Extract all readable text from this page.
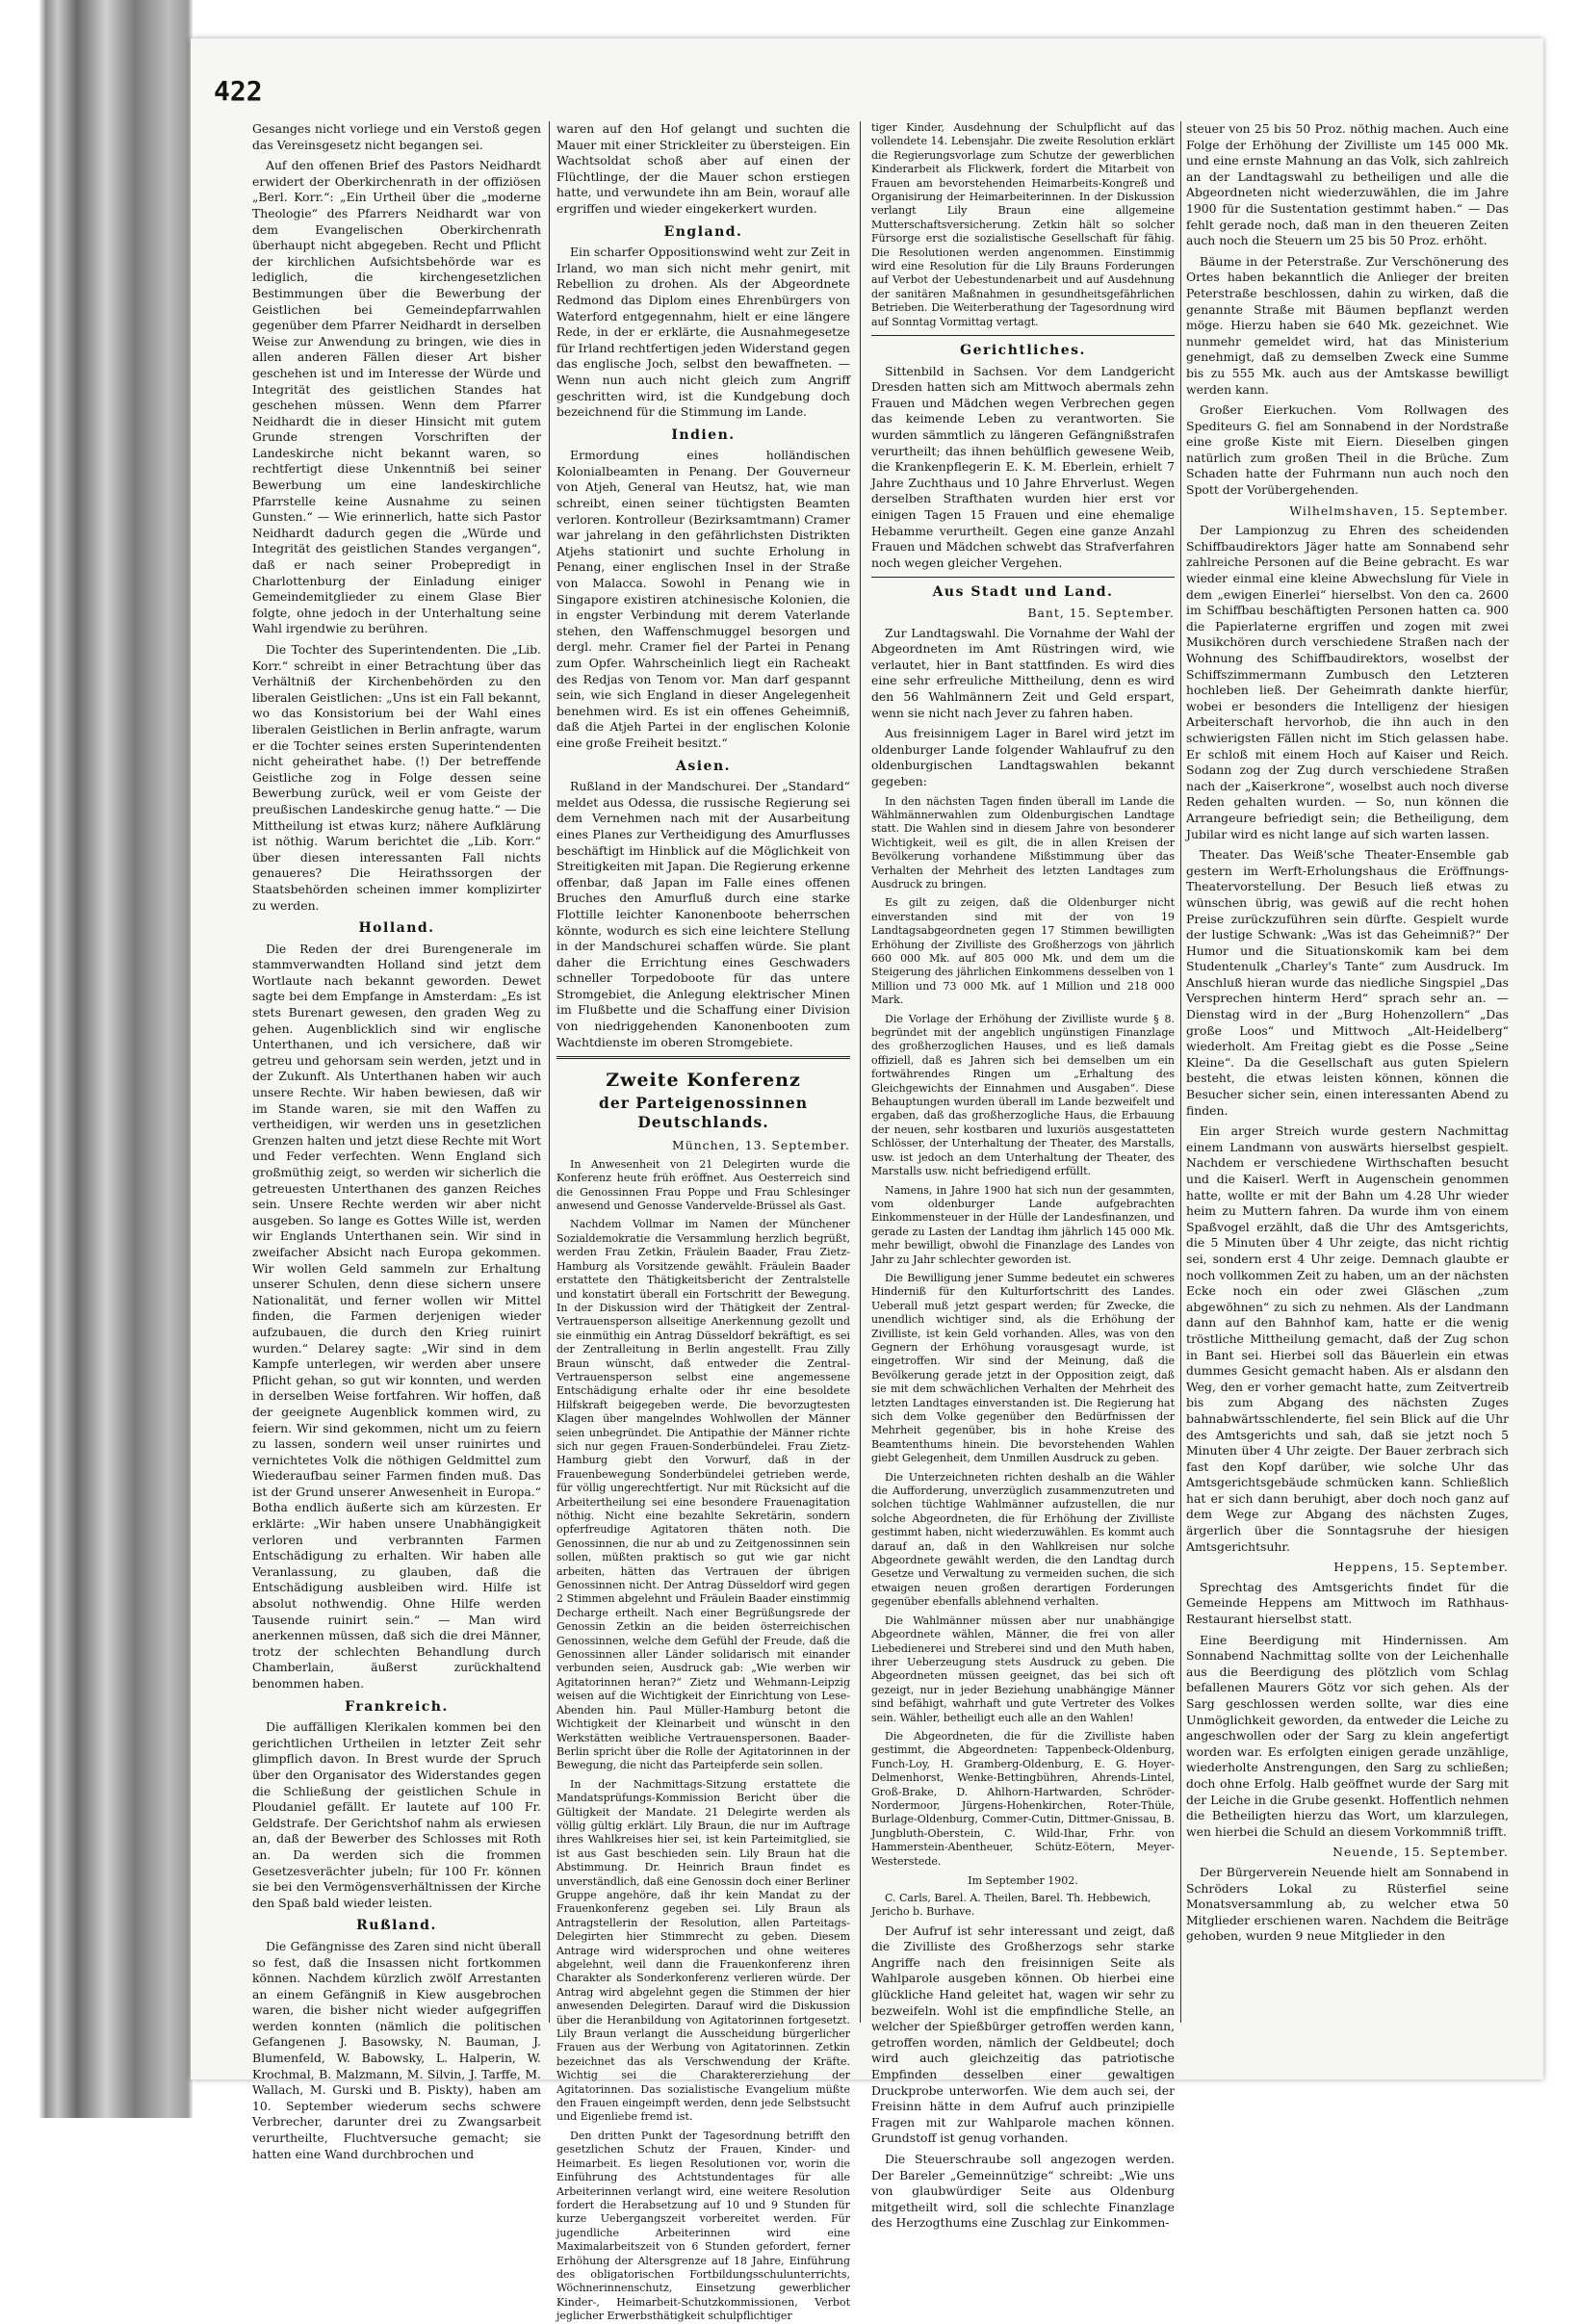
422

Gesanges nicht vorliege und ein Verstoß gegen das Vereinsgesetz nicht begangen sei.

Auf den offenen Brief des Pastors Neidhardt erwidert der Oberkirchenrath in der offiziösen „Berl. Korr.“: „Ein Urtheil über die „moderne Theologie“ des Pfarrers Neidhardt war von dem Evangelischen Oberkirchenrath überhaupt nicht abgegeben. Recht und Pflicht der kirchlichen Aufsichtsbehörde war es lediglich, die kirchengesetzlichen Bestimmungen über die Bewerbung der Geistlichen bei Gemeindepfarrwahlen gegenüber dem Pfarrer Neidhardt in derselben Weise zur Anwendung zu bringen, wie dies in allen anderen Fällen dieser Art bisher geschehen ist und im Interesse der Würde und Integrität des geistlichen Standes hat geschehen müssen. Wenn dem Pfarrer Neidhardt die in dieser Hinsicht mit gutem Grunde strengen Vorschriften der Landeskirche nicht bekannt waren, so rechtfertigt diese Unkenntniß bei seiner Bewerbung um eine landeskirchliche Pfarrstelle keine Ausnahme zu seinen Gunsten.“ — Wie erinnerlich, hatte sich Pastor Neidhardt dadurch gegen die „Würde und Integrität des geistlichen Standes vergangen“, daß er nach seiner Probepredigt in Charlottenburg der Einladung einiger Gemeindemitglieder zu einem Glase Bier folgte, ohne jedoch in der Unterhaltung seine Wahl irgendwie zu berühren.

Die Tochter des Superintendenten. Die „Lib. Korr.“ schreibt in einer Betrachtung über das Verhältniß der Kirchenbehörden zu den liberalen Geistlichen: „Uns ist ein Fall bekannt, wo das Konsistorium bei der Wahl eines liberalen Geistlichen in Berlin anfragte, warum er die Tochter seines ersten Superintendenten nicht geheirathet habe. (!) Der betreffende Geistliche zog in Folge dessen seine Bewerbung zurück, weil er vom Geiste der preußischen Landeskirche genug hatte.“ — Die Mittheilung ist etwas kurz; nähere Aufklärung ist nöthig. Warum berichtet die „Lib. Korr.“ über diesen interessanten Fall nichts genaueres? Die Heirathssorgen der Staatsbehörden scheinen immer komplizirter zu werden.

Holland.

Die Reden der drei Burengenerale im stammverwandten Holland sind jetzt dem Wortlaute nach bekannt geworden. Dewet sagte bei dem Empfange in Amsterdam: „Es ist stets Burenart gewesen, den graden Weg zu gehen. Augenblicklich sind wir englische Unterthanen, und ich versichere, daß wir getreu und gehorsam sein werden, jetzt und in der Zukunft. Als Unterthanen haben wir auch unsere Rechte. Wir haben bewiesen, daß wir im Stande waren, sie mit den Waffen zu vertheidigen, wir werden uns in gesetzlichen Grenzen halten und jetzt diese Rechte mit Wort und Feder verfechten. Wenn England sich großmüthig zeigt, so werden wir sicherlich die getreuesten Unterthanen des ganzen Reiches sein. Unsere Rechte werden wir aber nicht ausgeben. So lange es Gottes Wille ist, werden wir Englands Unterthanen sein. Wir sind in zweifacher Absicht nach Europa gekommen. Wir wollen Geld sammeln zur Erhaltung unserer Schulen, denn diese sichern unsere Nationalität, und ferner wollen wir Mittel finden, die Farmen derjenigen wieder aufzubauen, die durch den Krieg ruinirt wurden.“ Delarey sagte: „Wir sind in dem Kampfe unterlegen, wir werden aber unsere Pflicht gehan, so gut wir konnten, und werden in derselben Weise fortfahren. Wir hoffen, daß der geeignete Augenblick kommen wird, zu feiern. Wir sind gekommen, nicht um zu feiern zu lassen, sondern weil unser ruinirtes und vernichtetes Volk die nöthigen Geldmittel zum Wiederaufbau seiner Farmen finden muß. Das ist der Grund unserer Anwesenheit in Europa.“ Botha endlich äußerte sich am kürzesten. Er erklärte: „Wir haben unsere Unabhängigkeit verloren und verbrannten Farmen Entschädigung zu erhalten. Wir haben alle Veranlassung, zu glauben, daß die Entschädigung ausbleiben wird. Hilfe ist absolut nothwendig. Ohne Hilfe werden Tausende ruinirt sein.“ — Man wird anerkennen müssen, daß sich die drei Männer, trotz der schlechten Behandlung durch Chamberlain, äußerst zurückhaltend benommen haben.

Frankreich.

Die auffälligen Klerikalen kommen bei den gerichtlichen Urtheilen in letzter Zeit sehr glimpflich davon. In Brest wurde der Spruch über den Organisator des Widerstandes gegen die Schließung der geistlichen Schule in Ploudaniel gefällt. Er lautete auf 100 Fr. Geldstrafe. Der Gerichtshof nahm als erwiesen an, daß der Bewerber des Schlosses mit Roth an. Da werden sich die frommen Gesetzesverächter jubeln; für 100 Fr. können sie bei den Vermögensverhältnissen der Kirche den Spaß bald wieder leisten.

Rußland.

Die Gefängnisse des Zaren sind nicht überall so fest, daß die Insassen nicht fortkommen können. Nachdem kürzlich zwölf Arrestanten an einem Gefängniß in Kiew ausgebrochen waren, die bisher nicht wieder aufgegriffen werden konnten (nämlich die politischen Gefangenen J. Basowsky, N. Bauman, J. Blumenfeld, W. Babowsky, L. Halperin, W. Krochmal, B. Malzmann, M. Silvin, J. Tarffe, M. Wallach, M. Gurski und B. Piskty), haben am 10. September wiederum sechs schwere Verbrecher, darunter drei zu Zwangsarbeit verurtheilte, Fluchtversuche gemacht; sie hatten eine Wand durchbrochen und

waren auf den Hof gelangt und suchten die Mauer mit einer Strickleiter zu übersteigen. Ein Wachtsoldat schoß aber auf einen der Flüchtlinge, der die Mauer schon erstiegen hatte, und verwundete ihn am Bein, worauf alle ergriffen und wieder eingekerkert wurden.

England.

Ein scharfer Oppositionswind weht zur Zeit in Irland, wo man sich nicht mehr genirt, mit Rebellion zu drohen. Als der Abgeordnete Redmond das Diplom eines Ehrenbürgers von Waterford entgegennahm, hielt er eine längere Rede, in der er erklärte, die Ausnahmegesetze für Irland rechtfertigen jeden Widerstand gegen das englische Joch, selbst den bewaffneten. — Wenn nun auch nicht gleich zum Angriff geschritten wird, ist die Kundgebung doch bezeichnend für die Stimmung im Lande.

Indien.

Ermordung eines holländischen Kolonialbeamten in Penang. Der Gouverneur von Atjeh, General van Heutsz, hat, wie man schreibt, einen seiner tüchtigsten Beamten verloren. Kontrolleur (Bezirksamtmann) Cramer war jahrelang in den gefährlichsten Distrikten Atjehs stationirt und suchte Erholung in Penang, einer englischen Insel in der Straße von Malacca. Sowohl in Penang wie in Singapore existiren atchinesische Kolonien, die in engster Verbindung mit derem Vaterlande stehen, den Waffenschmuggel besorgen und dergl. mehr. Cramer fiel der Partei in Penang zum Opfer. Wahrscheinlich liegt ein Racheakt des Redjas von Tenom vor. Man darf gespannt sein, wie sich England in dieser Angelegenheit benehmen wird. Es ist ein offenes Geheimniß, daß die Atjeh Partei in der englischen Kolonie eine große Freiheit besitzt.“

Asien.

Rußland in der Mandschurei. Der „Standard“ meldet aus Odessa, die russische Regierung sei dem Vernehmen nach mit der Ausarbeitung eines Planes zur Vertheidigung des Amurflusses beschäftigt im Hinblick auf die Möglichkeit von Streitigkeiten mit Japan. Die Regierung erkenne offenbar, daß Japan im Falle eines offenen Bruches den Amurfluß durch eine starke Flottille leichter Kanonenboote beherrschen könnte, wodurch es sich eine leichtere Stellung in der Mandschurei schaffen würde. Sie plant daher die Errichtung eines Geschwaders schneller Torpedoboote für das untere Stromgebiet, die Anlegung elektrischer Minen im Flußbette und die Schaffung einer Division von niedriggehenden Kanonenbooten zum Wachtdienste im oberen Stromgebiete.

Zweite Konferenz
der Parteigenossinnen Deutschlands.
München, 13. September.

In Anwesenheit von 21 Delegirten wurde die Konferenz heute früh eröffnet. Aus Oesterreich sind die Genossinnen Frau Poppe und Frau Schlesinger anwesend und Genosse Vandervelde-Brüssel als Gast.

Nachdem Vollmar im Namen der Münchener Sozialdemokratie die Versammlung herzlich begrüßt, werden Frau Zetkin, Fräulein Baader, Frau Zietz-Hamburg als Vorsitzende gewählt. Fräulein Baader erstattete den Thätigkeitsbericht der Zentralstelle und konstatirt überall ein Fortschritt der Bewegung. In der Diskussion wird der Thätigkeit der Zentral-Vertrauensperson allseitige Anerkennung gezollt und sie einmüthig ein Antrag Düsseldorf bekräftigt, es sei der Zentralleitung in Berlin angestellt. Frau Zilly Braun wünscht, daß entweder die Zentral-Vertrauensperson selbst eine angemessene Entschädigung erhalte oder ihr eine besoldete Hilfskraft beigegeben werde. Die bevorzugtesten Klagen über mangelndes Wohlwollen der Männer seien unbegründet. Die Antipathie der Männer richte sich nur gegen Frauen-Sonderbündelei. Frau Zietz-Hamburg giebt den Vorwurf, daß in der Frauenbewegung Sonderbündelei getrieben werde, für völlig ungerechtfertigt. Nur mit Rücksicht auf die Arbeitertheilung sei eine besondere Frauenagitation nöthig. Nicht eine bezahlte Sekretärin, sondern opferfreudige Agitatoren thäten noth. Die Genossinnen, die nur ab und zu Zeitgenossinnen sein sollen, müßten praktisch so gut wie gar nicht arbeiten, hätten das Vertrauen der übrigen Genossinnen nicht. Der Antrag Düsseldorf wird gegen 2 Stimmen abgelehnt und Fräulein Baader einstimmig Decharge ertheilt. Nach einer Begrüßungsrede der Genossin Zetkin an die beiden österreichischen Genossinnen, welche dem Gefühl der Freude, daß die Genossinnen aller Länder solidarisch mit einander verbunden seien, Ausdruck gab: „Wie werben wir Agitatorinnen heran?“ Zietz und Wehmann-Leipzig weisen auf die Wichtigkeit der Einrichtung von Lese-Abenden hin. Paul Müller-Hamburg betont die Wichtigkeit der Kleinarbeit und wünscht in den Werkstätten weibliche Vertrauenspersonen. Baader-Berlin spricht über die Rolle der Agitatorinnen in der Bewegung, die nicht das Parteipferde sein sollen.

In der Nachmittags-Sitzung erstattete die Mandatsprüfungs-Kommission Bericht über die Gültigkeit der Mandate. 21 Delegirte werden als völlig gültig erklärt. Lily Braun, die nur im Auftrage ihres Wahlkreises hier sei, ist kein Parteimitglied, sie ist aus Gast beschieden sein. Lily Braun hat die Abstimmung. Dr. Heinrich Braun findet es unverständlich, daß eine Genossin doch einer Berliner Gruppe angehöre, daß ihr kein Mandat zu der Frauenkonferenz gegeben sei. Lily Braun als Antragstellerin der Resolution, allen Parteitags-Delegirten hier Stimmrecht zu geben. Diesem Antrage wird widersprochen und ohne weiteres abgelehnt, weil dann die Frauenkonferenz ihren Charakter als Sonderkonferenz verlieren würde. Der Antrag wird abgelehnt gegen die Stimmen der hier anwesenden Delegirten. Darauf wird die Diskussion über die Heranbildung von Agitatorinnen fortgesetzt. Lily Braun verlangt die Ausscheidung bürgerlicher Frauen aus der Werbung von Agitatorinnen. Zetkin bezeichnet das als Verschwendung der Kräfte. Wichtig sei die Charaktererziehung der Agitatorinnen. Das sozialistische Evangelium müßte den Frauen eingeimpft werden, denn jede Selbstsucht und Eigenliebe fremd ist.

Den dritten Punkt der Tagesordnung betrifft den gesetzlichen Schutz der Frauen, Kinder- und Heimarbeit. Es liegen Resolutionen vor, worin die Einführung des Achtstundentages für alle Arbeiterinnen verlangt wird, eine weitere Resolution fordert die Herabsetzung auf 10 und 9 Stunden für kurze Uebergangszeit vorbereitet werden. Für jugendliche Arbeiterinnen wird eine Maximalarbeitszeit von 6 Stunden gefordert, ferner Erhöhung der Altersgrenze auf 18 Jahre, Einführung des obligatorischen Fortbildungsschulunterrichts, Wöchnerinnenschutz, Einsetzung gewerblicher Kinder-, Heimarbeit-Schutzkommissionen, Verbot jeglicher Erwerbsthätigkeit schulpflichtiger

tiger Kinder, Ausdehnung der Schulpflicht auf das vollendete 14. Lebensjahr. Die zweite Resolution erklärt die Regierungsvorlage zum Schutze der gewerblichen Kinderarbeit als Flickwerk, fordert die Mitarbeit von Frauen am bevorstehenden Heimarbeits-Kongreß und Organisirung der Heimarbeiterinnen. In der Diskussion verlangt Lily Braun eine allgemeine Mutterschaftsversicherung. Zetkin hält so solcher Fürsorge erst die sozialistische Gesellschaft für fähig. Die Resolutionen werden angenommen. Einstimmig wird eine Resolution für die Lily Brauns Forderungen auf Verbot der Uebestundenarbeit und auf Ausdehnung der sanitären Maßnahmen in gesundheitsgefährlichen Betrieben. Die Weiterberathung der Tagesordnung wird auf Sonntag Vormittag vertagt.

Gerichtliches.

Sittenbild in Sachsen. Vor dem Landgericht Dresden hatten sich am Mittwoch abermals zehn Frauen und Mädchen wegen Verbrechen gegen das keimende Leben zu verantworten. Sie wurden sämmtlich zu längeren Gefängnißstrafen verurtheilt; das ihnen behülflich gewesene Weib, die Krankenpflegerin E. K. M. Eberlein, erhielt 7 Jahre Zuchthaus und 10 Jahre Ehrverlust. Wegen derselben Strafthaten wurden hier erst vor einigen Tagen 15 Frauen und eine ehemalige Hebamme verurtheilt. Gegen eine ganze Anzahl Frauen und Mädchen schwebt das Strafverfahren noch wegen gleicher Vergehen.

Aus Stadt und Land.
Bant, 15. September.

Zur Landtagswahl. Die Vornahme der Wahl der Abgeordneten im Amt Rüstringen wird, wie verlautet, hier in Bant stattfinden. Es wird dies eine sehr erfreuliche Mittheilung, denn es wird den 56 Wahlmännern Zeit und Geld erspart, wenn sie nicht nach Jever zu fahren haben.

Aus freisinnigem Lager in Barel wird jetzt im oldenburger Lande folgender Wahlaufruf zu den oldenburgischen Landtagswahlen bekannt gegeben:

In den nächsten Tagen finden überall im Lande die Wählmännerwahlen zum Oldenburgischen Landtage statt. Die Wahlen sind in diesem Jahre von besonderer Wichtigkeit, weil es gilt, die in allen Kreisen der Bevölkerung vorhandene Mißstimmung über das Verhalten der Mehrheit des letzten Landtages zum Ausdruck zu bringen.

Es gilt zu zeigen, daß die Oldenburger nicht einverstanden sind mit der von 19 Landtagsabgeordneten gegen 17 Stimmen bewilligten Erhöhung der Zivilliste des Großherzogs von jährlich 660 000 Mk. auf 805 000 Mk. und dem um die Steigerung des jährlichen Einkommens desselben von 1 Million und 73 000 Mk. auf 1 Million und 218 000 Mark.

Die Vorlage der Erhöhung der Zivilliste wurde § 8. begründet mit der angeblich ungünstigen Finanzlage des großherzoglichen Hauses, und es ließ damals offiziell, daß es Jahren sich bei demselben um ein fortwährendes Ringen um „Erhaltung des Gleichgewichts der Einnahmen und Ausgaben“. Diese Behauptungen wurden überall im Lande bezweifelt und ergaben, daß das großherzogliche Haus, die Erbauung der neuen, sehr kostbaren und luxuriös ausgestatteten Schlösser, der Unterhaltung der Theater, des Marstalls, usw. ist jedoch an dem Unterhaltung der Theater, des Marstalls usw. nicht befriedigend erfüllt.

Namens, in Jahre 1900 hat sich nun der gesammten, vom oldenburger Lande aufgebrachten Einkommensteuer in der Hülle der Landesfinanzen, und gerade zu Lasten der Landtag ihm jährlich 145 000 Mk. mehr bewilligt, obwohl die Finanzlage des Landes von Jahr zu Jahr schlechter geworden ist.

Die Bewilligung jener Summe bedeutet ein schweres Hinderniß für den Kulturfortschritt des Landes. Ueberall muß jetzt gespart werden; für Zwecke, die unendlich wichtiger sind, als die Erhöhung der Zivilliste, ist kein Geld vorhanden. Alles, was von den Gegnern der Erhöhung vorausgesagt wurde, ist eingetroffen. Wir sind der Meinung, daß die Bevölkerung gerade jetzt in der Opposition zeigt, daß sie mit dem schwächlichen Verhalten der Mehrheit des letzten Landtages einverstanden ist. Die Regierung hat sich dem Volke gegenüber den Bedürfnissen der Mehrheit gegenüber, bis in hohe Kreise des Beamtenthums hinein. Die bevorstehenden Wahlen giebt Gelegenheit, dem Unmillen Ausdruck zu geben.

Die Unterzeichneten richten deshalb an die Wähler die Aufforderung, unverzüglich zusammenzutreten und solchen tüchtige Wahlmänner aufzustellen, die nur solche Abgeordneten, die für Erhöhung der Zivilliste gestimmt haben, nicht wiederzuwählen. Es kommt auch darauf an, daß in den Wahlkreisen nur solche Abgeordnete gewählt werden, die den Landtag durch Gesetze und Verwaltung zu vermeiden suchen, die sich etwaigen neuen großen derartigen Forderungen gegenüber ebenfalls ablehnend verhalten.

Die Wahlmänner müssen aber nur unabhängige Abgeordnete wählen, Männer, die frei von aller Liebedienerei und Streberei sind und den Muth haben, ihrer Ueberzeugung stets Ausdruck zu geben. Die Abgeordneten müssen geeignet, das bei sich oft gezeigt, nur in jeder Beziehung unabhängige Männer sind befähigt, wahrhaft und gute Vertreter des Volkes sein. Wähler, betheiligt euch alle an den Wahlen!

Die Abgeordneten, die für die Zivilliste haben gestimmt, die Abgeordneten: Tappenbeck-Oldenburg, Funch-Loy, H. Gramberg-Oldenburg, E. G. Hoyer-Delmenhorst, Wenke-Bettingbühren, Ahrends-Lintel, Groß-Brake, D. Ahlhorn-Hartwarden, Schröder-Nordermoor, Jürgens-Hohenkirchen, Roter-Thüle, Burlage-Oldenburg, Commer-Cutin, Dittmer-Gnissau, B. Jungbluth-Oberstein, C. Wild-Ihar, Frhr. von Hammerstein-Abentheuer, Schütz-Eötern, Meyer-Westerstede.

Im September 1902.

C. Carls, Barel. A. Theilen, Barel. Th. Hebbewich, Jericho b. Burhave.

Der Aufruf ist sehr interessant und zeigt, daß die Zivilliste des Großherzogs sehr starke Angriffe nach den freisinnigen Seite als Wahlparole ausgeben können. Ob hierbei eine glückliche Hand geleitet hat, wagen wir sehr zu bezweifeln. Wohl ist die empfindliche Stelle, an welcher der Spießbürger getroffen werden kann, getroffen worden, nämlich der Geldbeutel; doch wird auch gleichzeitig das patriotische Empfinden desselben einer gewaltigen Druckprobe unterworfen. Wie dem auch sei, der Freisinn hätte in dem Aufruf auch prinzipielle Fragen mit zur Wahlparole machen können. Grundstoff ist genug vorhanden.

Die Steuerschraube soll angezogen werden. Der Bareler „Gemeinnützige“ schreibt: „Wie uns von glaubwürdiger Seite aus Oldenburg mitgetheilt wird, soll die schlechte Finanzlage des Herzogthums eine Zuschlag zur Einkommen-

steuer von 25 bis 50 Proz. nöthig machen. Auch eine Folge der Erhöhung der Zivilliste um 145 000 Mk. und eine ernste Mahnung an das Volk, sich zahlreich an der Landtagswahl zu betheiligen und alle die Abgeordneten nicht wiederzuwählen, die im Jahre 1900 für die Sustentation gestimmt haben.“ — Das fehlt gerade noch, daß man in den theueren Zeiten auch noch die Steuern um 25 bis 50 Proz. erhöht.

Bäume in der Peterstraße. Zur Verschönerung des Ortes haben bekanntlich die Anlieger der breiten Peterstraße beschlossen, dahin zu wirken, daß die genannte Straße mit Bäumen bepflanzt werden möge. Hierzu haben sie 640 Mk. gezeichnet. Wie nunmehr gemeldet wird, hat das Ministerium genehmigt, daß zu demselben Zweck eine Summe bis zu 555 Mk. auch aus der Amtskasse bewilligt werden kann.

Großer Eierkuchen. Vom Rollwagen des Spediteurs G. fiel am Sonnabend in der Nordstraße eine große Kiste mit Eiern. Dieselben gingen natürlich zum großen Theil in die Brüche. Zum Schaden hatte der Fuhrmann nun auch noch den Spott der Vorübergehenden.

Wilhelmshaven, 15. September.

Der Lampionzug zu Ehren des scheidenden Schiffbaudirektors Jäger hatte am Sonnabend sehr zahlreiche Personen auf die Beine gebracht. Es war wieder einmal eine kleine Abwechslung für Viele in dem „ewigen Einerlei“ hierselbst. Von den ca. 2600 im Schiffbau beschäftigten Personen hatten ca. 900 die Papierlaterne ergriffen und zogen mit zwei Musikchören durch verschiedene Straßen nach der Wohnung des Schiffbaudirektors, woselbst der Schiffszimmermann Zumbusch den Letzteren hochleben ließ. Der Geheimrath dankte hierfür, wobei er besonders die Intelligenz der hiesigen Arbeiterschaft hervorhob, die ihn auch in den schwierigsten Fällen nicht im Stich gelassen habe. Er schloß mit einem Hoch auf Kaiser und Reich. Sodann zog der Zug durch verschiedene Straßen nach der „Kaiserkrone“, woselbst auch noch diverse Reden gehalten wurden. — So, nun können die Arrangeure befriedigt sein; die Betheiligung, dem Jubilar wird es nicht lange auf sich warten lassen.

Theater. Das Weiß'sche Theater-Ensemble gab gestern im Werft-Erholungshaus die Eröffnungs-Theatervorstellung. Der Besuch ließ etwas zu wünschen übrig, was gewiß auf die recht hohen Preise zurückzuführen sein dürfte. Gespielt wurde der lustige Schwank: „Was ist das Geheimniß?“ Der Humor und die Situationskomik kam bei dem Studentenulk „Charley's Tante“ zum Ausdruck. Im Anschluß hieran wurde das niedliche Singspiel „Das Versprechen hinterm Herd“ sprach sehr an. — Dienstag wird in der „Burg Hohenzollern“ „Das große Loos“ und Mittwoch „Alt-Heidelberg“ wiederholt. Am Freitag giebt es die Posse „Seine Kleine“. Da die Gesellschaft aus guten Spielern besteht, die etwas leisten können, können die Besucher sicher sein, einen interessanten Abend zu finden.

Ein arger Streich wurde gestern Nachmittag einem Landmann von auswärts hierselbst gespielt. Nachdem er verschiedene Wirthschaften besucht und die Kaiserl. Werft in Augenschein genommen hatte, wollte er mit der Bahn um 4.28 Uhr wieder heim zu Muttern fahren. Da wurde ihm von einem Spaßvogel erzählt, daß die Uhr des Amtsgerichts, die 5 Minuten über 4 Uhr zeigte, das nicht richtig sei, sondern erst 4 Uhr zeige. Demnach glaubte er noch vollkommen Zeit zu haben, um an der nächsten Ecke noch ein oder zwei Gläschen „zum abgewöhnen“ zu sich zu nehmen. Als der Landmann dann auf den Bahnhof kam, hatte er die wenig tröstliche Mittheilung gemacht, daß der Zug schon in Bant sei. Hierbei soll das Bäuerlein ein etwas dummes Gesicht gemacht haben. Als er alsdann den Weg, den er vorher gemacht hatte, zum Zeitvertreib bis zum Abgang des nächsten Zuges bahnabwärtsschlenderte, fiel sein Blick auf die Uhr des Amtsgerichts und sah, daß sie jetzt noch 5 Minuten über 4 Uhr zeigte. Der Bauer zerbrach sich fast den Kopf darüber, wie solche Uhr das Amtsgerichtsgebäude schmücken kann. Schließlich hat er sich dann beruhigt, aber doch noch ganz auf dem Wege zur Abgang des nächsten Zuges, ärgerlich über die Sonntagsruhe der hiesigen Amtsgerichtsuhr.

Heppens, 15. September.

Sprechtag des Amtsgerichts findet für die Gemeinde Heppens am Mittwoch im Rathhaus-Restaurant hierselbst statt.

Eine Beerdigung mit Hindernissen. Am Sonnabend Nachmittag sollte von der Leichenhalle aus die Beerdigung des plötzlich vom Schlag befallenen Maurers Götz vor sich gehen. Als der Sarg geschlossen werden sollte, war dies eine Unmöglichkeit geworden, da entweder die Leiche zu angeschwollen oder der Sarg zu klein angefertigt worden war. Es erfolgten einigen gerade unzählige, wiederholte Anstrengungen, den Sarg zu schließen; doch ohne Erfolg. Halb geöffnet wurde der Sarg mit der Leiche in die Grube gesenkt. Hoffentlich nehmen die Betheiligten hierzu das Wort, um klarzulegen, wen hierbei die Schuld an diesem Vorkommniß trifft.

Neuende, 15. September.

Der Bürgerverein Neuende hielt am Sonnabend in Schröders Lokal zu Rüsterfiel seine Monatsversammlung ab, zu welcher etwa 50 Mitglieder erschienen waren. Nachdem die Beiträge gehoben, wurden 9 neue Mitglieder in den
